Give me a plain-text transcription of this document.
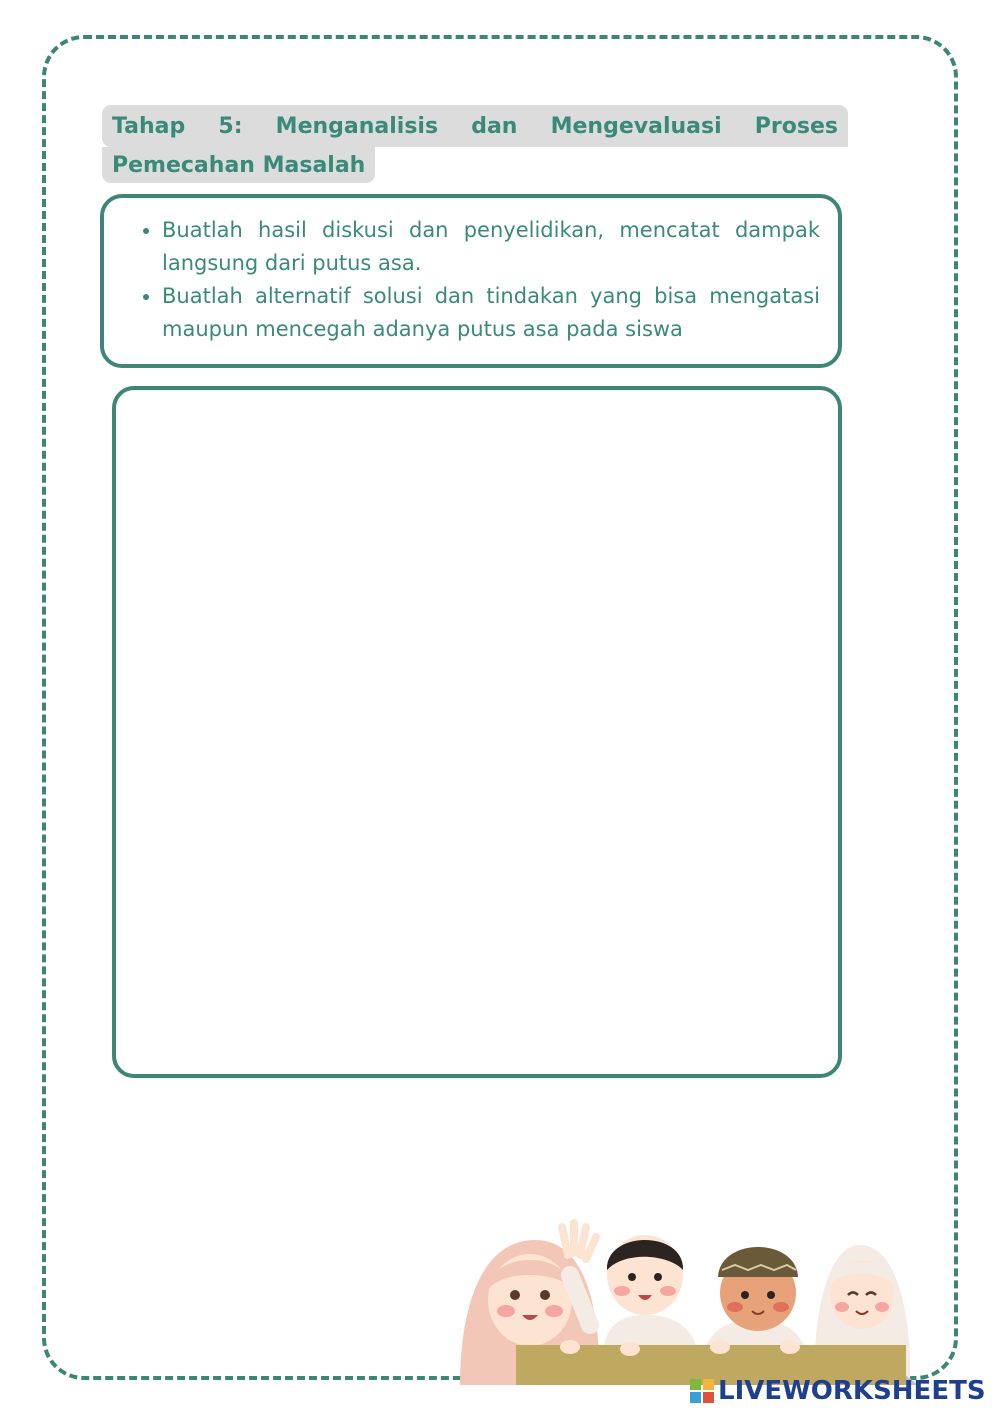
Tahap 5: Menganalisis dan Mengevaluasi Proses
Pemecahan Masalah
• Buatlah hasil diskusi dan penyelidikan, mencatat dampak langsung dari putus asa.
• Buatlah alternatif solusi dan tindakan yang bisa mengatasi maupun mencegah adanya putus asa pada siswa
LIVEWORKSHEETS
